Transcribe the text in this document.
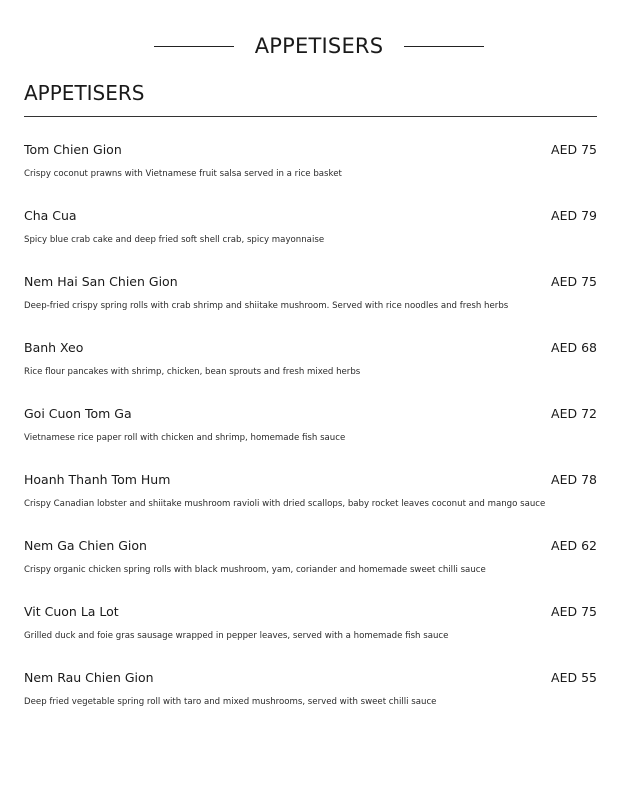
APPETISERS
APPETISERS
Tom Chien Gion	AED 75
Crispy coconut prawns with Vietnamese fruit salsa served in a rice basket
Cha Cua	AED 79
Spicy blue crab cake and deep fried soft shell crab, spicy mayonnaise
Nem Hai San Chien Gion	AED 75
Deep-fried crispy spring rolls with crab shrimp and shiitake mushroom. Served with rice noodles and fresh herbs
Banh Xeo	AED 68
Rice flour pancakes with shrimp, chicken, bean sprouts and fresh mixed herbs
Goi Cuon Tom Ga	AED 72
Vietnamese rice paper roll with chicken and shrimp, homemade fish sauce
Hoanh Thanh Tom Hum	AED 78
Crispy Canadian lobster and shiitake mushroom ravioli with dried scallops, baby rocket leaves coconut and mango sauce
Nem Ga Chien Gion	AED 62
Crispy organic chicken spring rolls with black mushroom, yam, coriander and homemade sweet chilli sauce
Vit Cuon La Lot	AED 75
Grilled duck and foie gras sausage wrapped in pepper leaves, served with a homemade fish sauce
Nem Rau Chien Gion	AED 55
Deep fried vegetable spring roll with taro and mixed mushrooms, served with sweet chilli sauce
